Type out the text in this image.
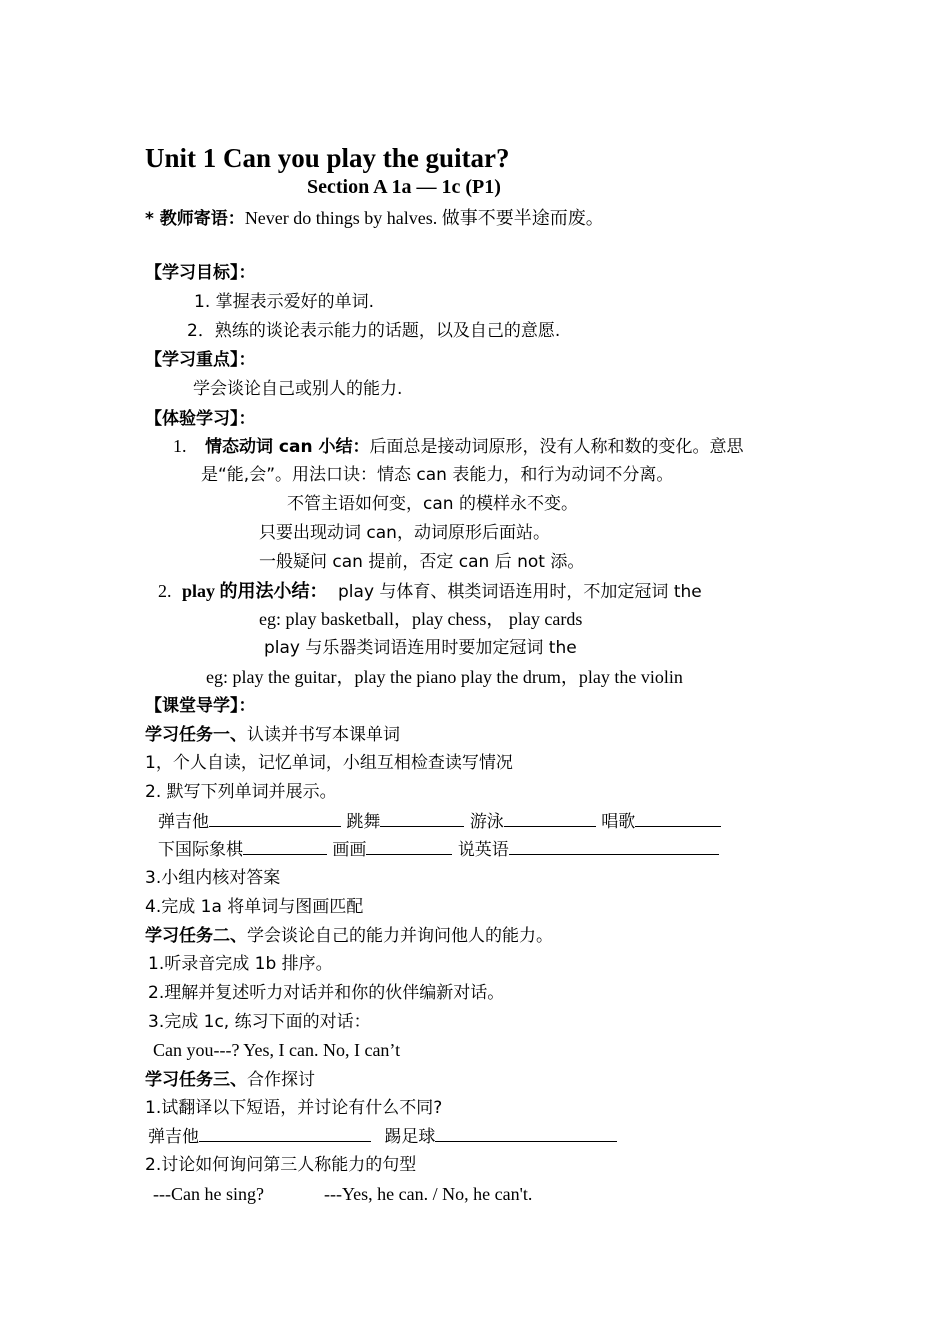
Unit 1 Can you play the guitar?
Section A 1a — 1c (P1)
* 教师寄语：Never do things by halves. 做事不要半途而废。
【学习目标】：
1. 掌握表示爱好的单词.
2．熟练的谈论表示能力的话题，以及自己的意愿.
【学习重点】：
学会谈论自己或别人的能力.
【体验学习】：
1. 情态动词 can 小结：后面总是接动词原形，没有人称和数的变化。意思
是“能,会”。用法口诀：情态 can 表能力，和行为动词不分离。
不管主语如何变，can 的模样永不变。
只要出现动词 can，动词原形后面站。
一般疑问 can 提前，否定 can 后 not 添。
2. play 的用法小结： play 与体育、棋类词语连用时，不加定冠词 the
eg: play basketball，play chess， play cards
play 与乐器类词语连用时要加定冠词 the
eg: play the guitar，play the piano play the drum，play the violin
【课堂导学】：
学习任务一、认读并书写本课单词
1，个人自读，记忆单词，小组互相检查读写情况
2. 默写下列单词并展示。
弹吉他	跳舞	游泳	唱歌
下国际象棋	画画	说英语
3.小组内核对答案
4.完成 1a 将单词与图画匹配
学习任务二、学会谈论自己的能力并询问他人的能力。
1.听录音完成 1b 排序。
2.理解并复述听力对话并和你的伙伴编新对话。
3.完成 1c, 练习下面的对话：
Can you---? Yes, I can. No, I can’t
学习任务三、合作探讨
1.试翻译以下短语，并讨论有什么不同?
弹吉他	踢足球
2.讨论如何询问第三人称能力的句型
---Can he sing?	---Yes, he can. / No, he can't.
